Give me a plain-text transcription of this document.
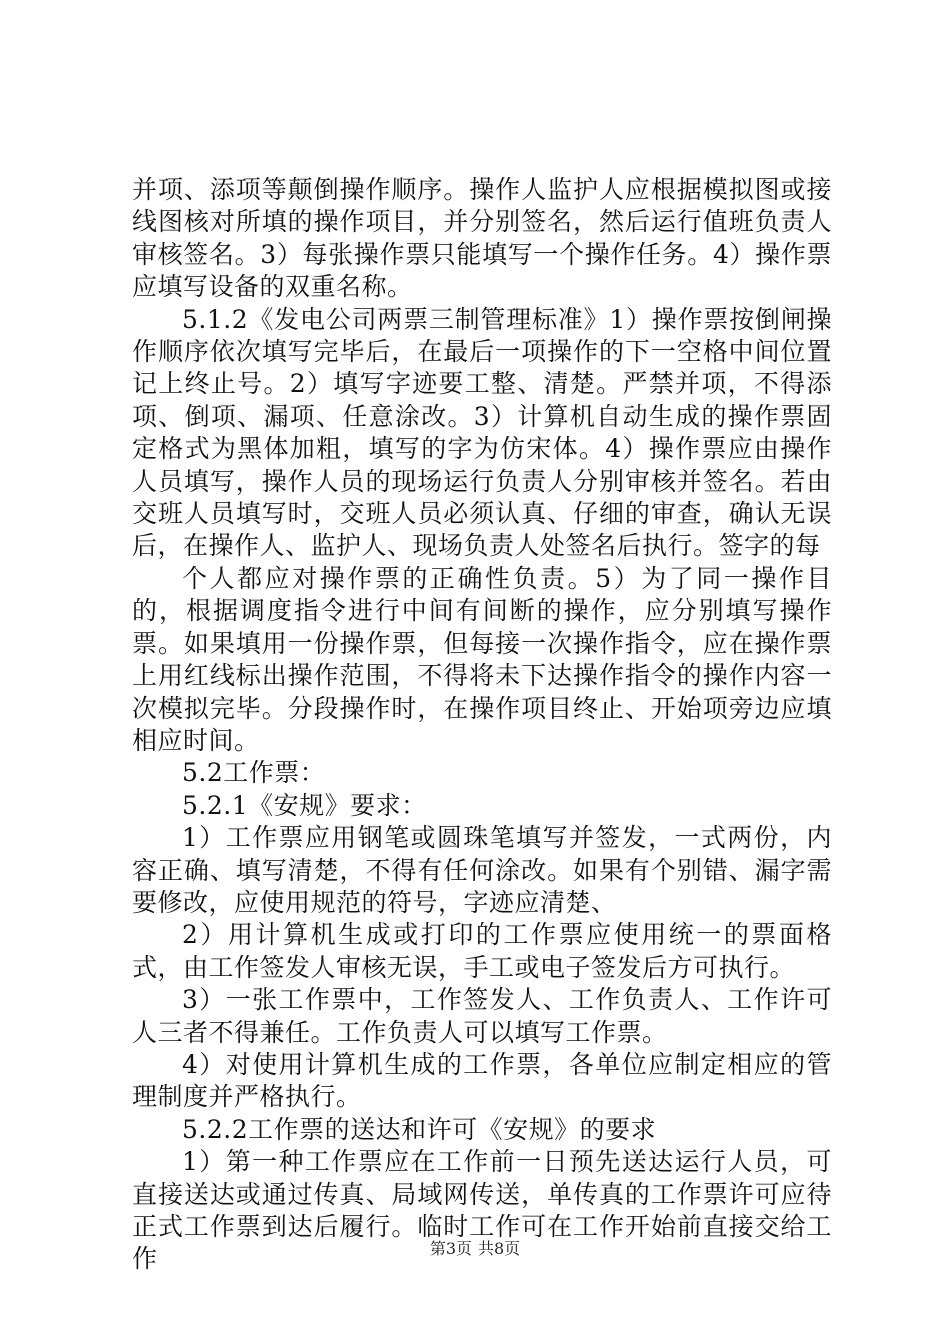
并项、添项等颠倒操作顺序。操作人监护人应根据模拟图或接线图核对所填的操作项目，并分别签名，然后运行值班负责人审核签名。3）每张操作票只能填写一个操作任务。4）操作票应填写设备的双重名称。

5.1.2《发电公司两票三制管理标准》1）操作票按倒闸操作顺序依次填写完毕后，在最后一项操作的下一空格中间位置记上终止号。2）填写字迹要工整、清楚。严禁并项，不得添项、倒项、漏项、任意涂改。3）计算机自动生成的操作票固定格式为黑体加粗，填写的字为仿宋体。4）操作票应由操作人员填写，操作人员的现场运行负责人分别审核并签名。若由交班人员填写时，交班人员必须认真、仔细的审查，确认无误后，在操作人、监护人、现场负责人处签名后执行。签字的每

个人都应对操作票的正确性负责。5）为了同一操作目的，根据调度指令进行中间有间断的操作，应分别填写操作票。如果填用一份操作票，但每接一次操作指令，应在操作票上用红线标出操作范围，不得将未下达操作指令的操作内容一次模拟完毕。分段操作时，在操作项目终止、开始项旁边应填相应时间。

5.2工作票：

5.2.1《安规》要求：

1）工作票应用钢笔或圆珠笔填写并签发，一式两份，内容正确、填写清楚，不得有任何涂改。如果有个别错、漏字需要修改，应使用规范的符号，字迹应清楚、

2）用计算机生成或打印的工作票应使用统一的票面格式，由工作签发人审核无误，手工或电子签发后方可执行。

3）一张工作票中，工作签发人、工作负责人、工作许可人三者不得兼任。工作负责人可以填写工作票。

4）对使用计算机生成的工作票，各单位应制定相应的管理制度并严格执行。

5.2.2工作票的送达和许可《安规》的要求

1）第一种工作票应在工作前一日预先送达运行人员，可直接送达或通过传真、局域网传送，单传真的工作票许可应待正式工作票到达后履行。临时工作可在工作开始前直接交给工作	第3页 共8页
